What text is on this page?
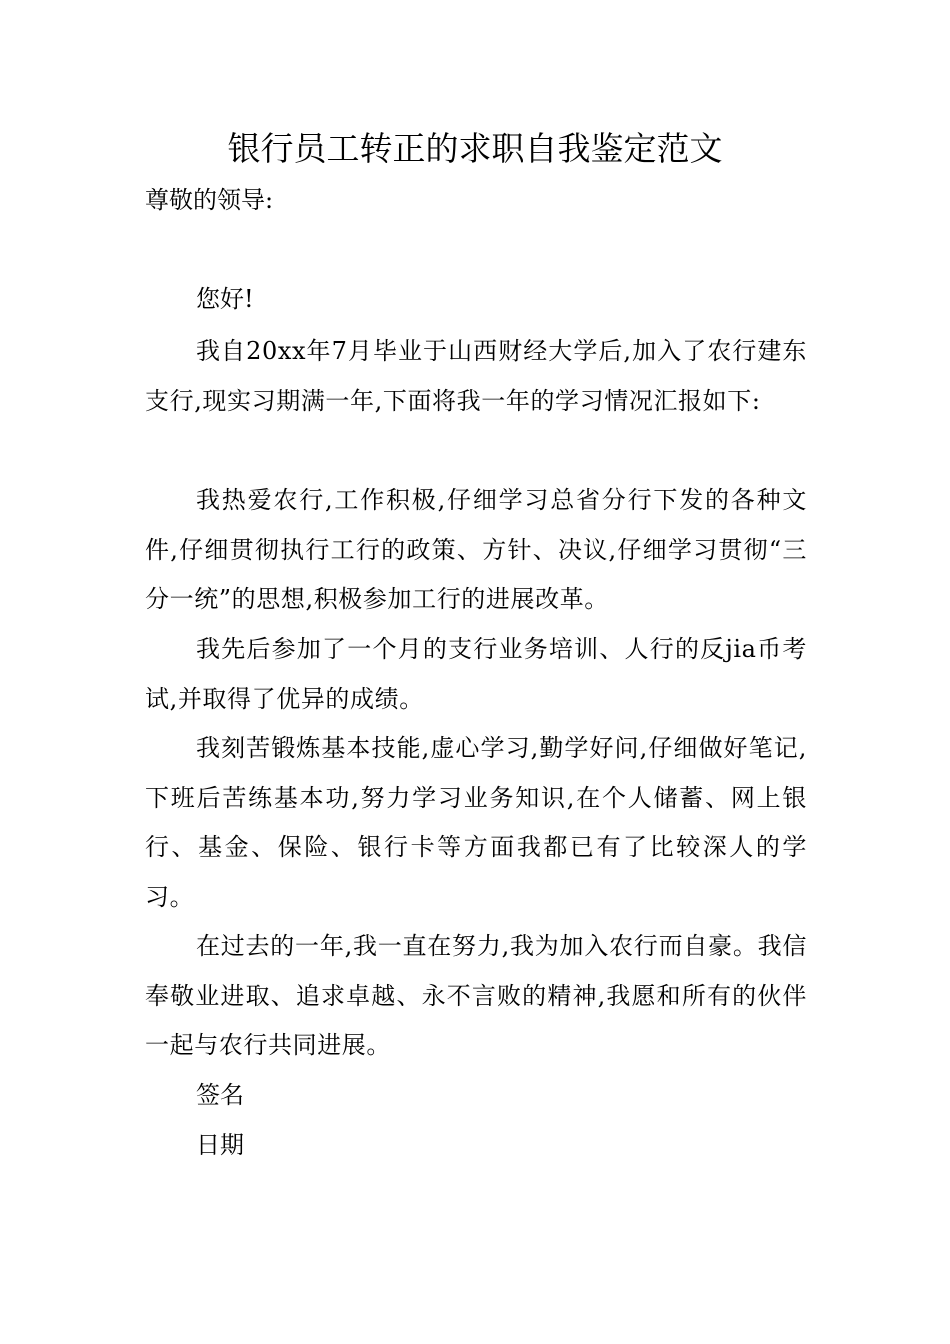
银行员工转正的求职自我鉴定范文
尊敬的领导:
您好!
我自20xx年7月毕业于山西财经大学后,加入了农行建东支行,现实习期满一年,下面将我一年的学习情况汇报如下:
我热爱农行,工作积极,仔细学习总省分行下发的各种文件,仔细贯彻执行工行的政策、方针、决议,仔细学习贯彻“三分一统”的思想,积极参加工行的进展改革。
我先后参加了一个月的支行业务培训、人行的反jia币考试,并取得了优异的成绩。
我刻苦锻炼基本技能,虚心学习,勤学好问,仔细做好笔记,下班后苦练基本功,努力学习业务知识,在个人储蓄、网上银行、基金、保险、银行卡等方面我都已有了比较深人的学习。
在过去的一年,我一直在努力,我为加入农行而自豪。我信奉敬业进取、追求卓越、永不言败的精神,我愿和所有的伙伴一起与农行共同进展。
签名
日期
